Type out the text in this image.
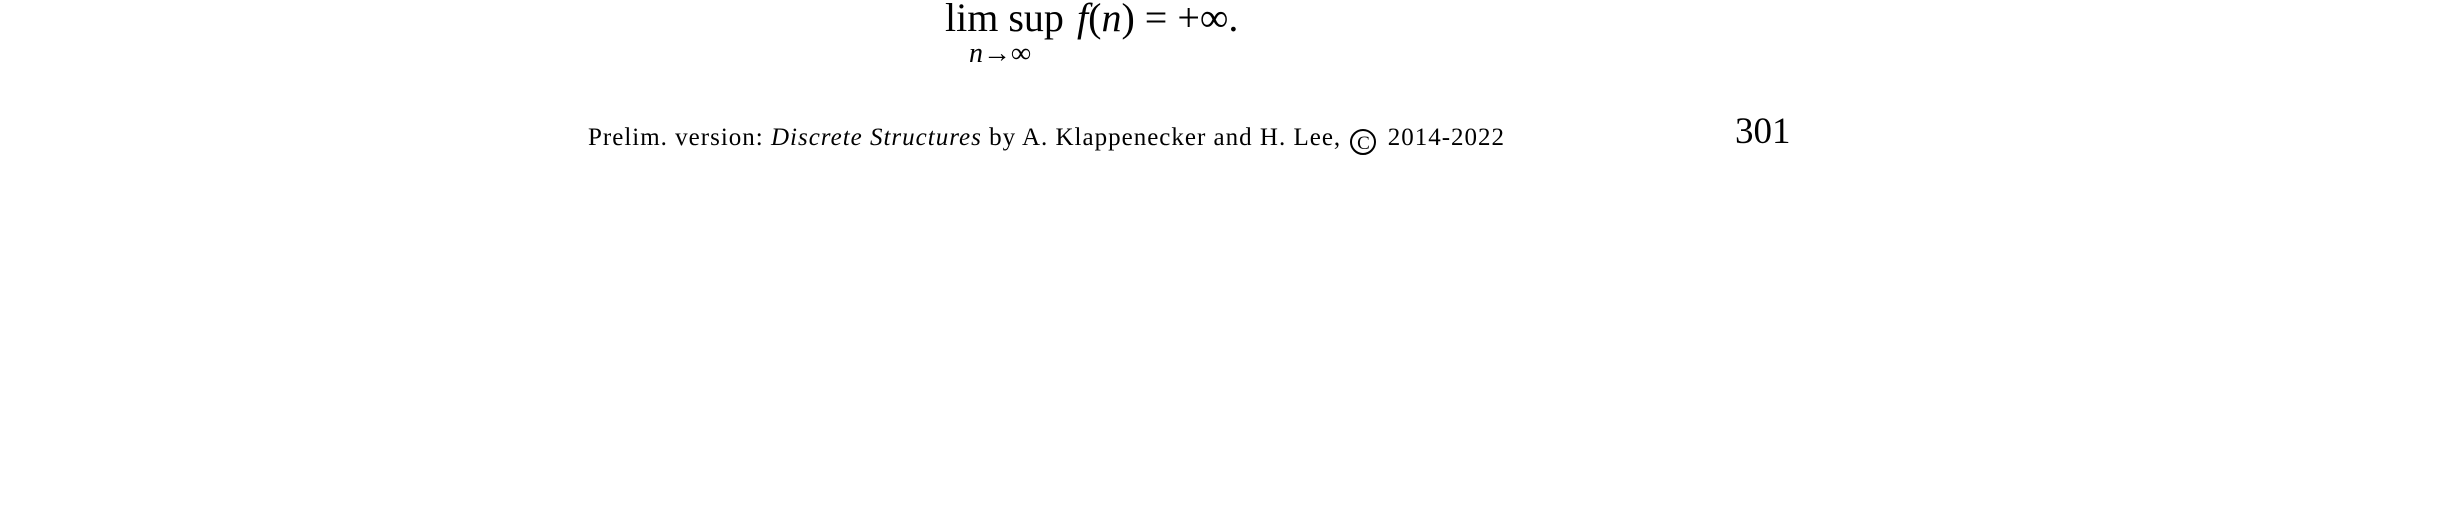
lim sup
n→∞
f(n) = +∞.
Prelim. version: Discrete Structures by A. Klappenecker and H. Lee, C 2014-2022	301
